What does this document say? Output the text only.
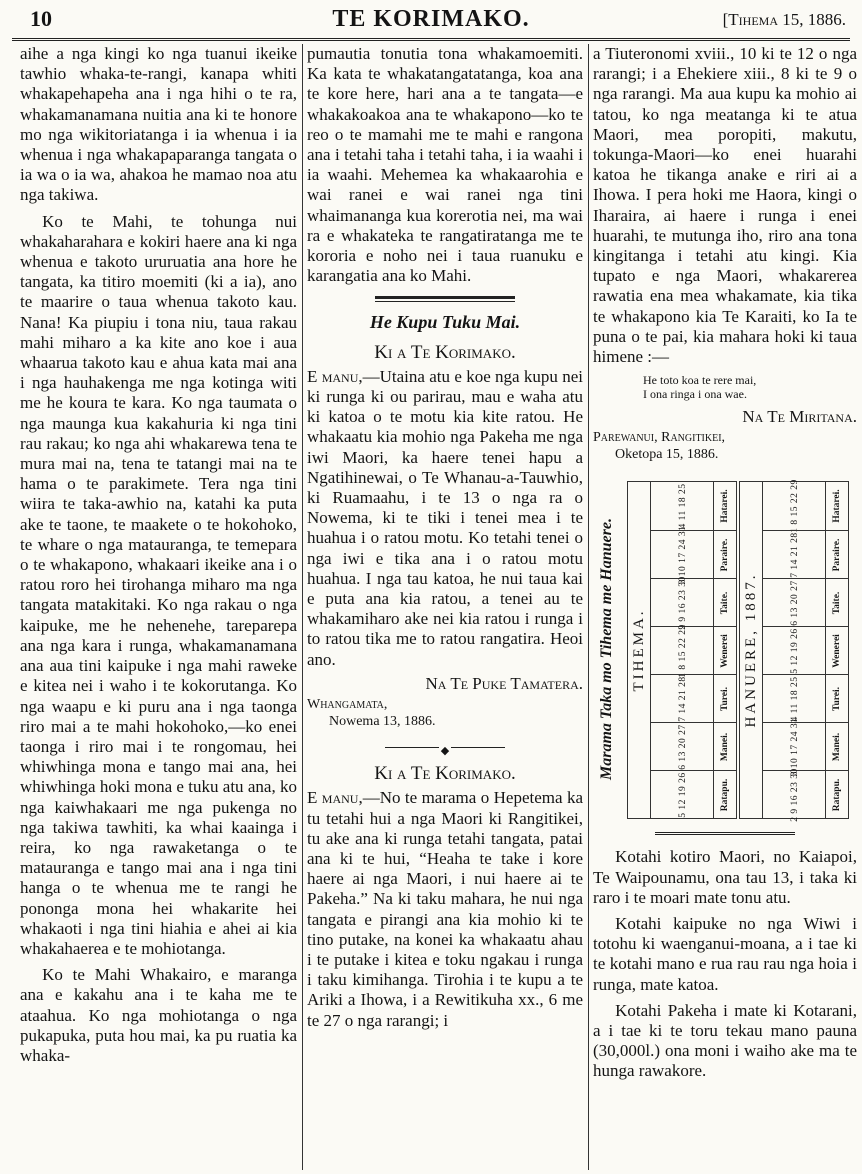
10	TE KORIMAKO.	[Tihema 15, 1886.

aihe a nga kingi ko nga tuanui ikeike tawhio whaka-te-rangi, kanapa whiti whakapehapeha ana i nga hihi o te ra, whakamanamana nuitia ana ki te honore mo nga wikitoriatanga i ia whenua i ia whenua i nga whakapaparanga tangata o ia wa o ia wa, ahakoa he mamao noa atu nga takiwa.

Ko te Mahi, te tohunga nui whakaharahara e kokiri haere ana ki nga whenua e takoto ururuatia ana hore he tangata, ka titiro moemiti (ki a ia), ano te maarire o taua whenua takoto kau. Nana! Ka piupiu i tona niu, taua rakau mahi miharo a ka kite ano koe i aua whaarua takoto kau e ahua kata mai ana i nga hauhakenga me nga kotinga witi me he koura te kara. Ko nga taumata o nga maunga kua kakahuria ki nga tini rau rakau; ko nga ahi whakarewa tena te mura mai na, tena te tatangi mai na te hama o te parakimete. Tera nga tini wiira te taka-awhio na, katahi ka puta ake te taone, te maakete o te hokohoko, te whare o nga matauranga, te temepara o te whakapono, whakaari ikeike ana i o ratou roro hei tirohanga miharo ma nga tangata matakitaki. Ko nga rakau o nga kaipuke, me he nehenehe, tareparepa ana nga kara i runga, whakamanamana ana aua tini kaipuke i nga mahi raweke e kitea nei i waho i te kokorutanga. Ko nga waapu e ki puru ana i nga taonga riro mai a te mahi hokohoko,—ko enei taonga i riro mai i te rongomau, hei whiwhinga mona e tango mai ana, hei whiwhinga hoki mona e tuku atu ana, ko nga kaiwhakaari me nga pukenga no nga takiwa tawhiti, ka whai kaainga i reira, ko nga rawaketanga o te matauranga e tango mai ana i nga tini hanga o te whenua me te rangi he pononga mona hei whakarite hei whakaoti i nga tini hiahia e ahei ai kia whakahaerea e te mohiotanga.

Ko te Mahi Whakairo, e maranga ana e kakahu ana i te kaha me te ataahua. Ko nga mohiotanga o nga pukapuka, puta hou mai, ka pu ruatia ka whaka-

pumautia tonutia tona whakamoemiti. Ka kata te whakatangatatanga, koa ana te kore here, hari ana a te tangata—e whakakoakoa ana te whakapono—ko te reo o te mamahi me te mahi e rangona ana i tetahi taha i tetahi taha, i ia waahi i ia waahi. Mehemea ka whakaarohia e wai ranei e wai ranei nga tini whaimananga kua korerotia nei, ma wai ra e whakateka te rangatiratanga me te kororia e noho nei i taua ruanuku e karangatia ana ko Mahi.

He Kupu Tuku Mai.
Ki a Te Korimako.

E manu,—Utaina atu e koe nga kupu nei ki runga ki ou parirau, mau e waha atu ki katoa o te motu kia kite ratou. He whakaatu kia mohio nga Pakeha me nga iwi Maori, ka haere tenei hapu a Ngatihinewai, o Te Whanau-a-Tauwhio, ki Ruamaahu, i te 13 o nga ra o Nowema, ki te tiki i tenei mea i te huahua i o ratou motu. Ko tetahi tenei o nga iwi e tika ana i o ratou motu huahua. I nga tau katoa, he nui taua kai e puta ana kia ratou, a tenei au te whakamiharo ake nei kia ratou i runga i to ratou tika me to ratou rangatira. Heoi ano.

Na Te Puke Tamatera.
Whangamata,
Nowema 13, 1886.
◆
Ki a Te Korimako.

E manu,—No te marama o Hepetema ka tu tetahi hui a nga Maori ki Rangitikei, tu ake ana ki runga tetahi tangata, patai ana ki te hui, “Heaha te take i kore haere ai nga Maori, i nui haere ai te Pakeha.” Na ki taku mahara, he nui nga tangata e pirangi ana kia mohio ki te tino putake, na konei ka whakaatu ahau i te putake i kitea e toku ngakau i runga i taku kimihanga. Tirohia i te kupu a te Ariki a Ihowa, i a Rewitikuha xx., 6 me te 27 o nga rarangi; i

a Tiuteronomi xviii., 10 ki te 12 o nga rarangi; i a Ehekiere xiii., 8 ki te 9 o nga rarangi. Ma aua kupu ka mohio ai tatou, ko nga meatanga ki te atua Maori, mea poropiti, makutu, tokunga-Maori—ko enei huarahi katoa he tikanga anake e riri ai a Ihowa. I pera hoki me Haora, kingi o Iharaira, ai haere i runga i enei huarahi, te mutunga iho, riro ana tona kingitanga i tetahi atu kingi. Kia tupato e nga Maori, whakarerea rawatia ena mea whakamate, kia tika te whakapono kia Te Karaiti, ko Ia te puna o te pai, kia mahara hoki ki taua himene :—

He toto koa te rere mai,
I ona ringa i ona wae.
Na Te Miritana.
Parewanui, Rangitikei,
Oketopa 15, 1886.
Marama Taka mo Tihema me Hanuere. TIHEMA.
4 11 18 25	Hatarei.
3 10 17 24 31	Paraire.
2 9 16 23 30	Taite.
1 8 15 22 29	Wenerei
7 14 21 28	Turei.
6 13 20 27	Manei.
5 12 19 26	Ratapu.
HANUERE, 1887.
1 8 15 22 29	Hatarei.
7 14 21 28	Paraire.
6 13 20 27	Taite.
5 12 19 26	Wenerei
4 11 18 25	Turei.
3 10 17 24 31	Manei.
2 9 16 23 30	Ratapu.

Kotahi kotiro Maori, no Kaiapoi, Te Waipounamu, ona tau 13, i taka ki raro i te moari mate tonu atu.

Kotahi kaipuke no nga Wiwi i totohu ki waenganui-moana, a i tae ki te kotahi mano e rua rau rau nga hoia i runga, mate katoa.

Kotahi Pakeha i mate ki Kotarani, a i tae ki te toru tekau mano pauna (30,000l.) ona moni i waiho ake ma te hunga rawakore.
